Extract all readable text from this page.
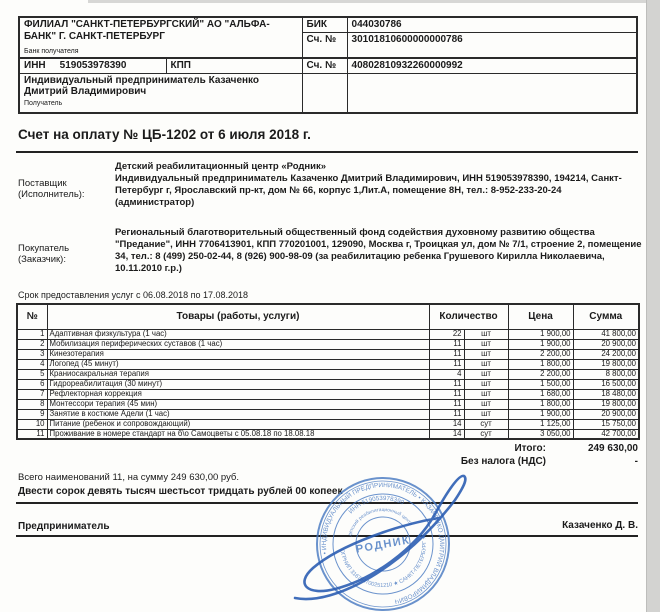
ФИЛИАЛ "САНКТ-ПЕТЕРБУРГСКИЙ" АО "АЛЬФА-БАНК" Г. САНКТ-ПЕТЕРБУРГ
Банк получателя		БИК	044030786
		Сч. №	30101810600000000786
ИНН 519053978390	КПП	Сч. №	40802810932260000992

Индивидуальный предприниматель Казаченко Дмитрий Владимирович
Получатель			

Счет на оплату № ЦБ-1202 от 6 июля 2018 г.
Поставщик
(Исполнитель):
Детский реабилитационный центр «Родник»
Индивидуальный предприниматель Казаченко Дмитрий Владимирович, ИНН 519053978390, 194214, Санкт-Петербург г, Ярославский пр-кт, дом № 66, корпус 1,Лит.А, помещение 8Н, тел.: 8-952-233-20-24 (администратор)
Покупатель
(Заказчик):
Региональный благотворительный общественный фонд содействия духовному развитию общества "Предание", ИНН 7706413901, КПП 770201001, 129090, Москва г, Троицкая ул, дом № 7/1, строение 2, помещение 34, тел.: 8 (499) 250-02-44, 8 (926) 900-98-09 (за реабилитацию ребенка Грушевого Кирилла Николаевича, 10.11.2010 г.р.)
Срок предоставления услуг с 06.08.2018 по 17.08.2018
№	Товары (работы, услуги)	Количество		Цена	Сумма
1	Адаптивная физкультура (1 час)	22	шт	1 900,00	41 800,00
2	Мобилизация периферических суставов (1 час)	11	шт	1 900,00	20 900,00
3	Кинезотерапия	11	шт	2 200,00	24 200,00
4	Логопед (45 минут)	11	шт	1 800,00	19 800,00
5	Краниосакральная терапия	4	шт	2 200,00	8 800,00
6	Гидрореабилитация (30 минут)	11	шт	1 500,00	16 500,00
7	Рефлекторная коррекция	11	шт	1 680,00	18 480,00
8	Монтессори терапия (45 мин)	11	шт	1 800,00	19 800,00
9	Занятие в костюме Адели (1 час)	11	шт	1 900,00	20 900,00
10	Питание (ребенок и сопровождающий)	14	сут	1 125,00	15 750,00
11	Проживание в номере стандарт на б\о Самоцветы с 05.08.18 по 18.08.18	14	сут	3 050,00	42 700,00
Итого:	249 630,00
Без налога (НДС)	-
Всего наименований 11, на сумму 249 630,00 руб.
Двести сорок девять тысяч шестьсот тридцать рублей 00 копеек
Предприниматель	Казаченко Д. В.
• ИНДИВИДУАЛЬНЫЙ ПРЕДПРИНИМАТЕЛЬ • КАЗАЧЕНКО ДМИТРИЙ ВЛАДИМИРОВИЧ
ИНН 519053978390
ОГРНИП 316784700251210 ★ САНКТ-ПЕТЕРБУРГ ★
детский реабилитационный центр
РОДНИК
